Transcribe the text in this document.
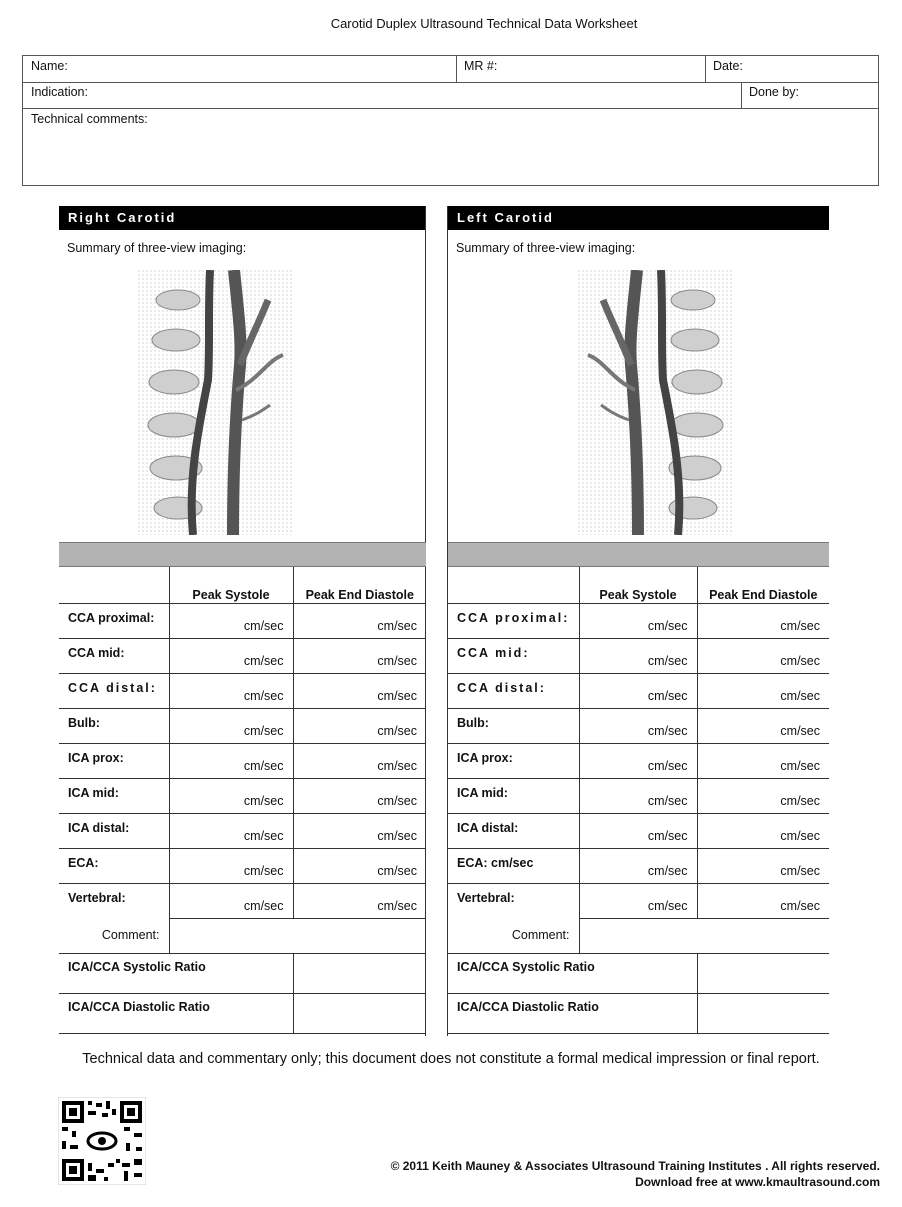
Carotid Duplex Ultrasound Technical Data Worksheet
Name:	MR #:	Date:
Indication:	Done by:
Technical comments:
Right Carotid
Summary of three-view imaging:
Left Carotid
Summary of three-view imaging:
	Peak Systole	Peak End Diastole
CCA proximal:	cm/sec	cm/sec

CCA mid:	cm/sec	cm/sec

CCA distal:	cm/sec	cm/sec

Bulb:	cm/sec	cm/sec

ICA prox:	cm/sec	cm/sec

ICA mid:	cm/sec	cm/sec

ICA distal:	cm/sec	cm/sec

ECA:	cm/sec	cm/sec

Vertebral:	cm/sec	cm/sec

Comment:		
ICA/CCA Systolic Ratio		
ICA/CCA Diastolic Ratio		
	Peak Systole	Peak End Diastole
CCA proximal:	cm/sec	cm/sec

CCA mid:	cm/sec	cm/sec

CCA distal:	cm/sec	cm/sec

Bulb:	cm/sec	cm/sec

ICA prox:	cm/sec	cm/sec

ICA mid:	cm/sec	cm/sec

ICA distal:	cm/sec	cm/sec

ECA: cm/sec	cm/sec	cm/sec

Vertebral:	cm/sec	cm/sec

Comment:		
ICA/CCA Systolic Ratio		
ICA/CCA Diastolic Ratio		
Technical data and commentary only; this document does not constitute a formal medical impression or final report.
© 2011 Keith Mauney & Associates Ultrasound Training Institutes . All rights reserved.
Download free at www.kmaultrasound.com
